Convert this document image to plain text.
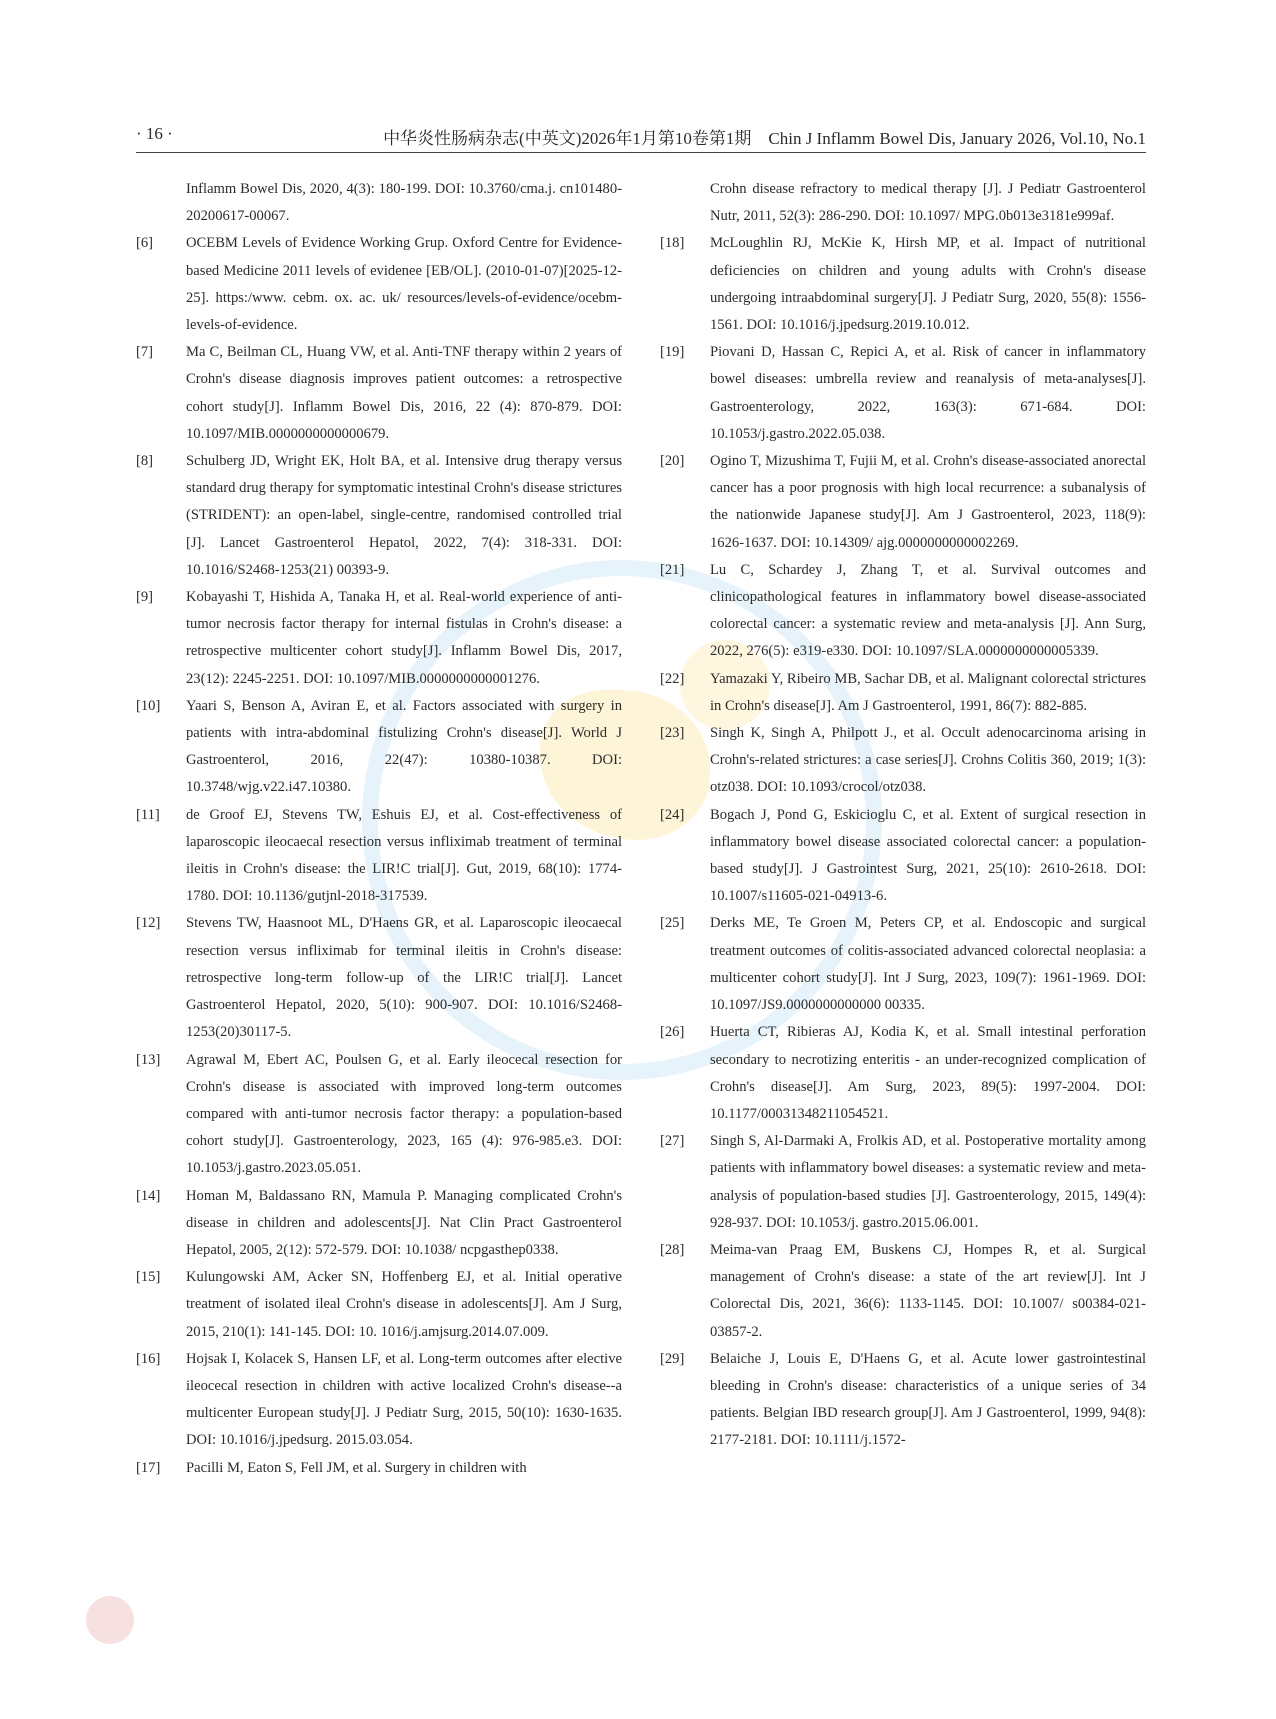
· 16 ·	中华炎性肠病杂志(中英文)2026年1月第10卷第1期　Chin J Inflamm Bowel Dis, January 2026, Vol.10, No.1
Inflamm Bowel Dis, 2020, 4(3): 180-199. DOI: 10.3760/cma.j. cn101480-20200617-00067.
[6]	OCEBM Levels of Evidence Working Grup. Oxford Centre for Evidence-based Medicine 2011 levels of evidenee [EB/OL]. (2010-01-07)[2025-12-25]. https:/www. cebm. ox. ac. uk/ resources/levels-of-evidence/ocebm-levels-of-evidence.
[7]	Ma C, Beilman CL, Huang VW, et al. Anti-TNF therapy within 2 years of Crohn's disease diagnosis improves patient outcomes: a retrospective cohort study[J]. Inflamm Bowel Dis, 2016, 22 (4): 870-879. DOI: 10.1097/MIB.0000000000000679.
[8]	Schulberg JD, Wright EK, Holt BA, et al. Intensive drug therapy versus standard drug therapy for symptomatic intestinal Crohn's disease strictures (STRIDENT): an open-label, single-centre, randomised controlled trial [J]. Lancet Gastroenterol Hepatol, 2022, 7(4): 318-331. DOI: 10.1016/S2468-1253(21) 00393-9.
[9]	Kobayashi T, Hishida A, Tanaka H, et al. Real-world experience of anti-tumor necrosis factor therapy for internal fistulas in Crohn's disease: a retrospective multicenter cohort study[J]. Inflamm Bowel Dis, 2017, 23(12): 2245-2251. DOI: 10.1097/MIB.0000000000001276.
[10]	Yaari S, Benson A, Aviran E, et al. Factors associated with surgery in patients with intra-abdominal fistulizing Crohn's disease[J]. World J Gastroenterol, 2016, 22(47): 10380-10387. DOI: 10.3748/wjg.v22.i47.10380.
[11]	de Groof EJ, Stevens TW, Eshuis EJ, et al. Cost-effectiveness of laparoscopic ileocaecal resection versus infliximab treatment of terminal ileitis in Crohn's disease: the LIR!C trial[J]. Gut, 2019, 68(10): 1774-1780. DOI: 10.1136/gutjnl-2018-317539.
[12]	Stevens TW, Haasnoot ML, D'Haens GR, et al. Laparoscopic ileocaecal resection versus infliximab for terminal ileitis in Crohn's disease: retrospective long-term follow-up of the LIR!C trial[J]. Lancet Gastroenterol Hepatol, 2020, 5(10): 900-907. DOI: 10.1016/S2468-1253(20)30117-5.
[13]	Agrawal M, Ebert AC, Poulsen G, et al. Early ileocecal resection for Crohn's disease is associated with improved long-term outcomes compared with anti-tumor necrosis factor therapy: a population-based cohort study[J]. Gastroenterology, 2023, 165 (4): 976-985.e3. DOI: 10.1053/j.gastro.2023.05.051.
[14]	Homan M, Baldassano RN, Mamula P. Managing complicated Crohn's disease in children and adolescents[J]. Nat Clin Pract Gastroenterol Hepatol, 2005, 2(12): 572-579. DOI: 10.1038/ ncpgasthep0338.
[15]	Kulungowski AM, Acker SN, Hoffenberg EJ, et al. Initial operative treatment of isolated ileal Crohn's disease in adolescents[J]. Am J Surg, 2015, 210(1): 141-145. DOI: 10. 1016/j.amjsurg.2014.07.009.
[16]	Hojsak I, Kolacek S, Hansen LF, et al. Long-term outcomes after elective ileocecal resection in children with active localized Crohn's disease--a multicenter European study[J]. J Pediatr Surg, 2015, 50(10): 1630-1635. DOI: 10.1016/j.jpedsurg. 2015.03.054.
[17]	Pacilli M, Eaton S, Fell JM, et al. Surgery in children with
Crohn disease refractory to medical therapy [J]. J Pediatr Gastroenterol Nutr, 2011, 52(3): 286-290. DOI: 10.1097/ MPG.0b013e3181e999af.
[18]	McLoughlin RJ, McKie K, Hirsh MP, et al. Impact of nutritional deficiencies on children and young adults with Crohn's disease undergoing intraabdominal surgery[J]. J Pediatr Surg, 2020, 55(8): 1556-1561. DOI: 10.1016/j.jpedsurg.2019.10.012.
[19]	Piovani D, Hassan C, Repici A, et al. Risk of cancer in inflammatory bowel diseases: umbrella review and reanalysis of meta-analyses[J]. Gastroenterology, 2022, 163(3): 671-684. DOI: 10.1053/j.gastro.2022.05.038.
[20]	Ogino T, Mizushima T, Fujii M, et al. Crohn's disease-associated anorectal cancer has a poor prognosis with high local recurrence: a subanalysis of the nationwide Japanese study[J]. Am J Gastroenterol, 2023, 118(9): 1626-1637. DOI: 10.14309/ ajg.0000000000002269.
[21]	Lu C, Schardey J, Zhang T, et al. Survival outcomes and clinicopathological features in inflammatory bowel disease-associated colorectal cancer: a systematic review and meta-analysis [J]. Ann Surg, 2022, 276(5): e319-e330. DOI: 10.1097/SLA.0000000000005339.
[22]	Yamazaki Y, Ribeiro MB, Sachar DB, et al. Malignant colorectal strictures in Crohn's disease[J]. Am J Gastroenterol, 1991, 86(7): 882-885.
[23]	Singh K, Singh A, Philpott J., et al. Occult adenocarcinoma arising in Crohn's-related strictures: a case series[J]. Crohns Colitis 360, 2019; 1(3): otz038. DOI: 10.1093/crocol/otz038.
[24]	Bogach J, Pond G, Eskicioglu C, et al. Extent of surgical resection in inflammatory bowel disease associated colorectal cancer: a population-based study[J]. J Gastrointest Surg, 2021, 25(10): 2610-2618. DOI: 10.1007/s11605-021-04913-6.
[25]	Derks ME, Te Groen M, Peters CP, et al. Endoscopic and surgical treatment outcomes of colitis-associated advanced colorectal neoplasia: a multicenter cohort study[J]. Int J Surg, 2023, 109(7): 1961-1969. DOI: 10.1097/JS9.0000000000000 00335.
[26]	Huerta CT, Ribieras AJ, Kodia K, et al. Small intestinal perforation secondary to necrotizing enteritis - an under-recognized complication of Crohn's disease[J]. Am Surg, 2023, 89(5): 1997-2004. DOI: 10.1177/00031348211054521.
[27]	Singh S, Al-Darmaki A, Frolkis AD, et al. Postoperative mortality among patients with inflammatory bowel diseases: a systematic review and meta-analysis of population-based studies [J]. Gastroenterology, 2015, 149(4): 928-937. DOI: 10.1053/j. gastro.2015.06.001.
[28]	Meima-van Praag EM, Buskens CJ, Hompes R, et al. Surgical management of Crohn's disease: a state of the art review[J]. Int J Colorectal Dis, 2021, 36(6): 1133-1145. DOI: 10.1007/ s00384-021-03857-2.
[29]	Belaiche J, Louis E, D'Haens G, et al. Acute lower gastrointestinal bleeding in Crohn's disease: characteristics of a unique series of 34 patients. Belgian IBD research group[J]. Am J Gastroenterol, 1999, 94(8): 2177-2181. DOI: 10.1111/j.1572-
